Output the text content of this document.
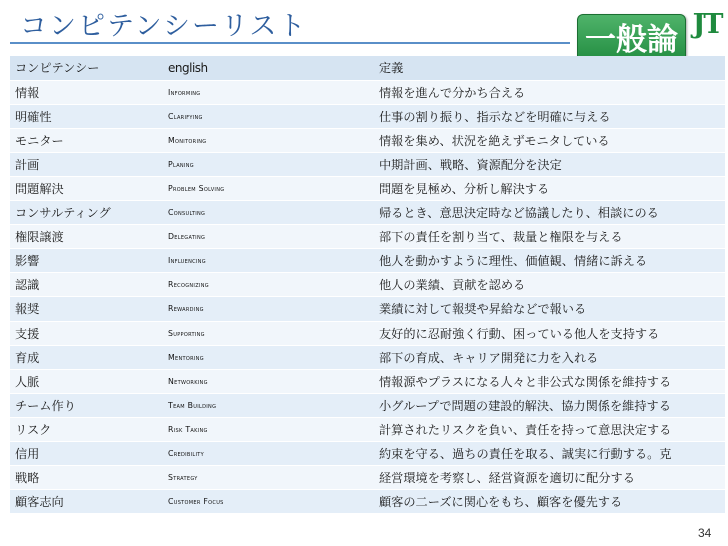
コンピテンシーリスト	一般論 JT
コンピテンシー	english	定義
情報	Informing	情報を進んで分かち合える
明確性	Clarifying	仕事の割り振り、指示などを明確に与える
モニター	Monitoring	情報を集め、状況を絶えずモニタしている
計画	Planing	中期計画、戦略、資源配分を決定
問題解決	Problem Solving	問題を見極め、分析し解決する
コンサルティング	Consulting	帰るとき、意思決定時など協議したり、相談にのる
権限譲渡	Delegating	部下の責任を割り当て、裁量と権限を与える
影響	Influencing	他人を動かすように理性、価値観、情緒に訴える
認識	Recognizing	他人の業績、貢献を認める
報奨	Rewarding	業績に対して報奨や昇給などで報いる
支援	Supporting	友好的に忍耐強く行動、困っている他人を支持する
育成	Mentoring	部下の育成、キャリア開発に力を入れる
人脈	Networking	情報源やプラスになる人々と非公式な関係を維持する
チーム作り	Team Building	小グループで問題の建設的解決、協力関係を維持する
リスク	Risk Taking	計算されたリスクを負い、責任を持って意思決定する
信用	Credibility	約束を守る、過ちの責任を取る、誠実に行動する。克
戦略	Strategy	経営環境を考察し、経営資源を適切に配分する
顧客志向	Customer Focus	顧客の二ーズに関心をもち、顧客を優先する
34
